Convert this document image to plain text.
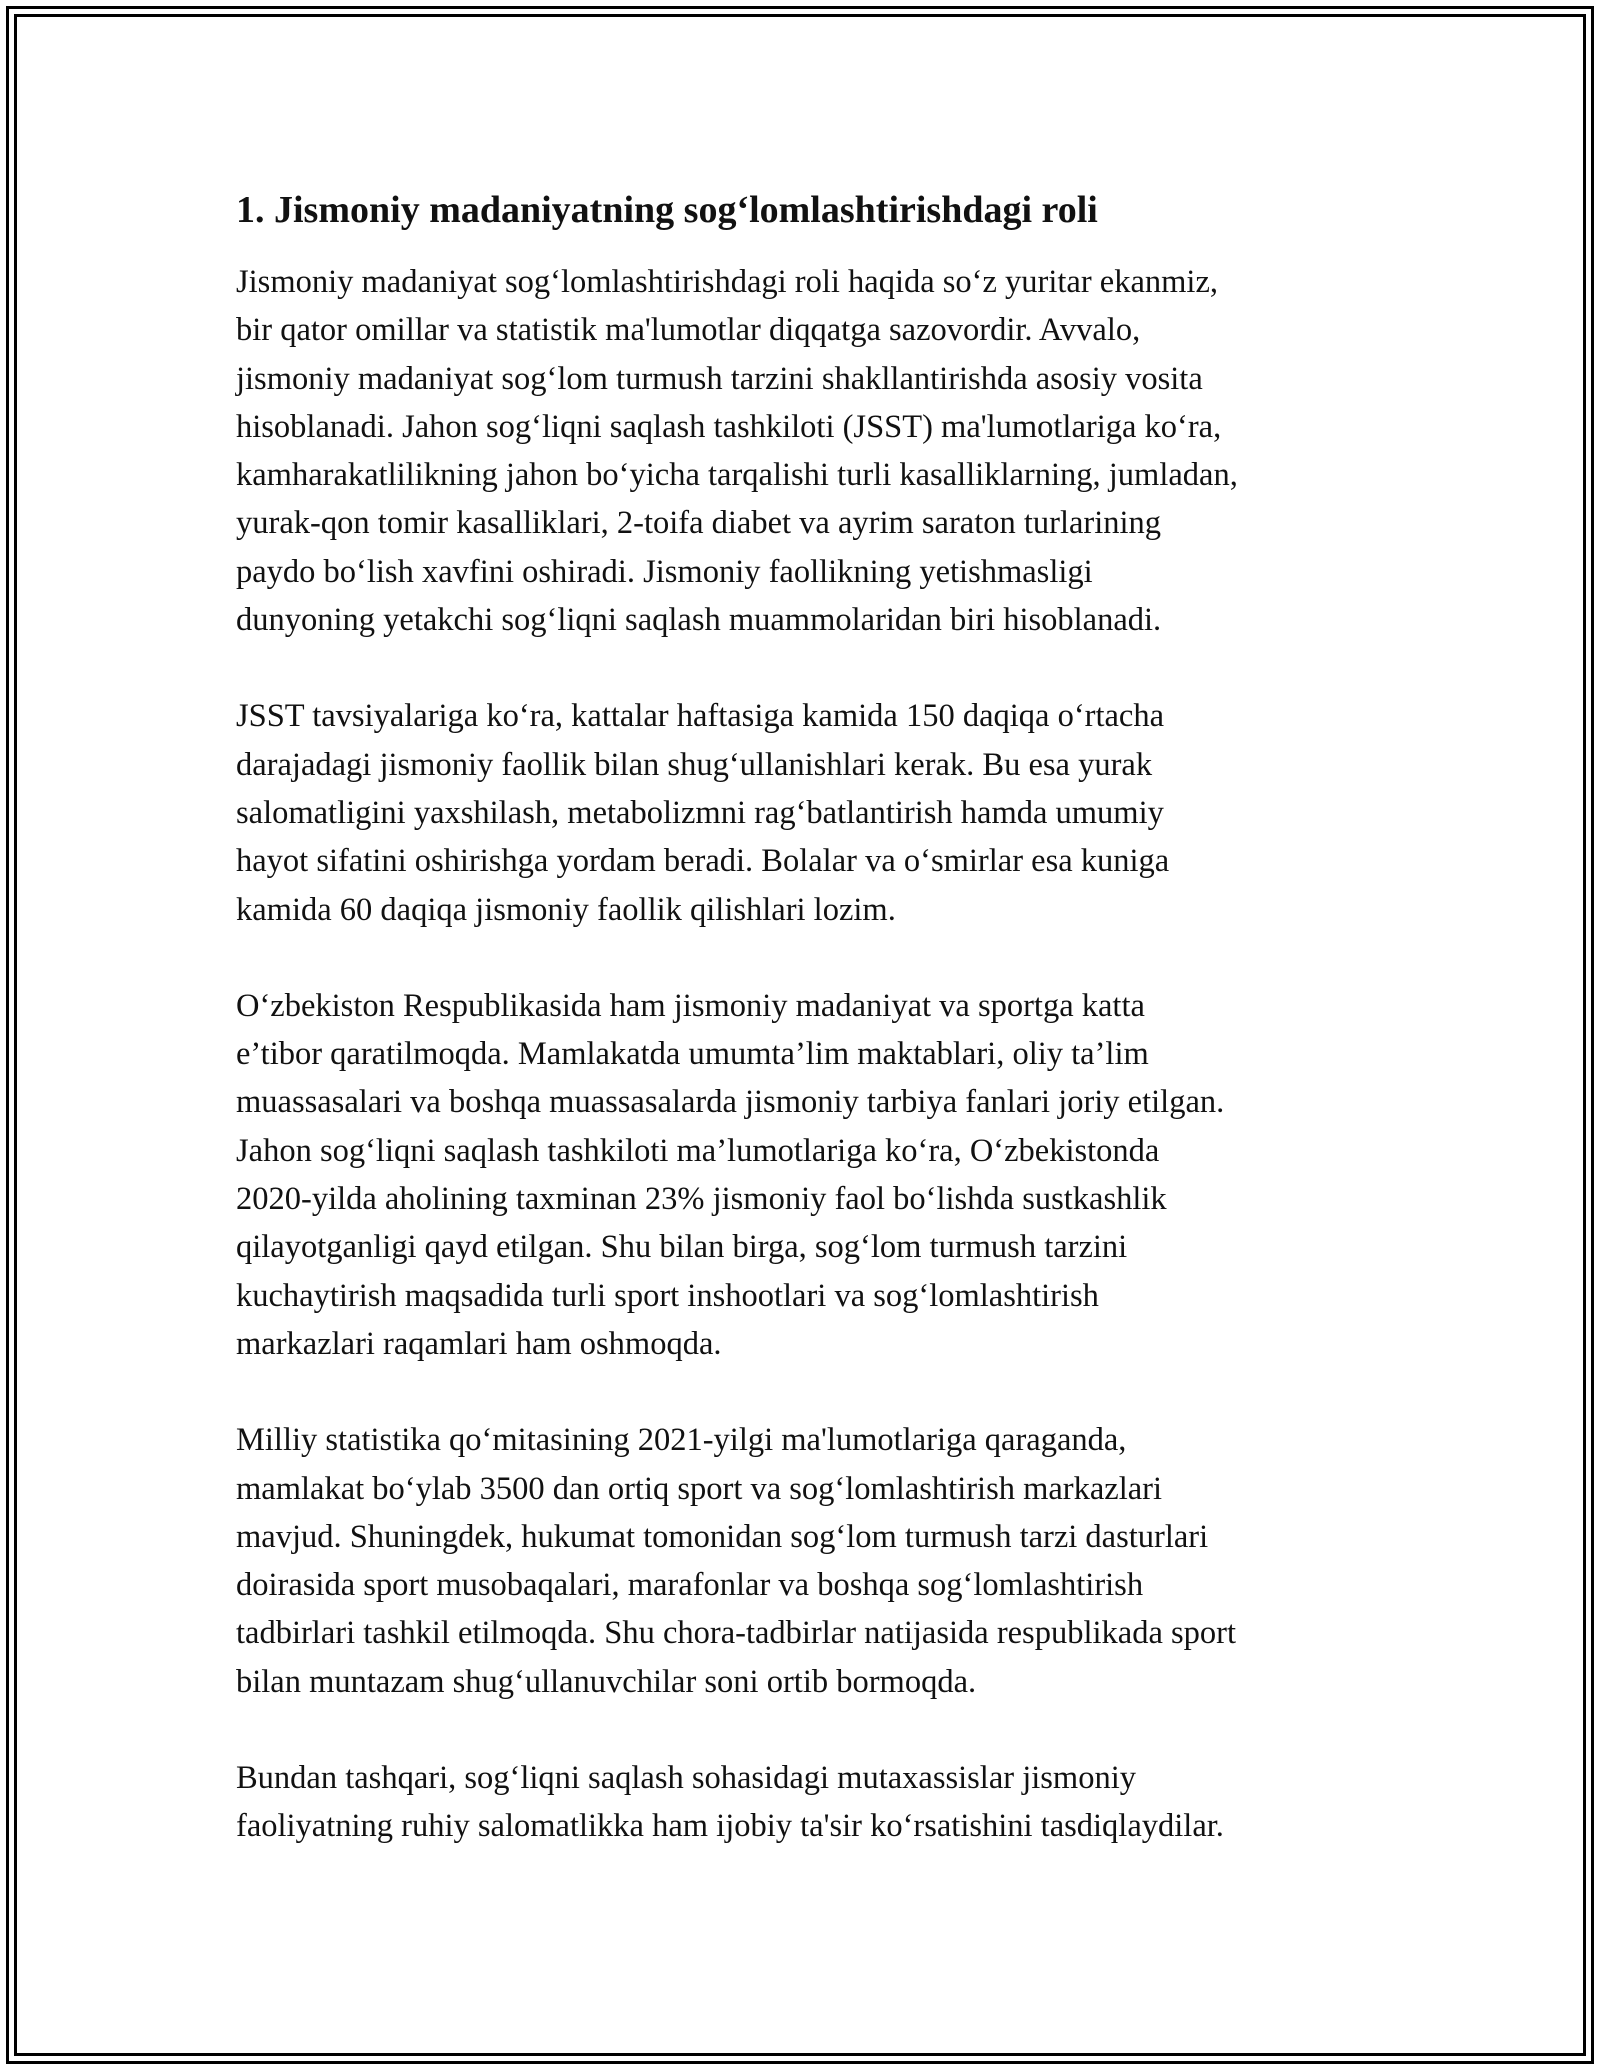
1. Jismoniy madaniyatning sog‘lomlashtirishdagi roli

Jismoniy madaniyat sog‘lomlashtirishdagi roli haqida so‘z yuritar ekanmiz,
bir qator omillar va statistik ma'lumotlar diqqatga sazovordir. Avvalo,
jismoniy madaniyat sog‘lom turmush tarzini shakllantirishda asosiy vosita
hisoblanadi. Jahon sog‘liqni saqlash tashkiloti (JSST) ma'lumotlariga ko‘ra,
kamharakatlilikning jahon bo‘yicha tarqalishi turli kasalliklarning, jumladan,
yurak-qon tomir kasalliklari, 2-toifa diabet va ayrim saraton turlarining
paydo bo‘lish xavfini oshiradi. Jismoniy faollikning yetishmasligi
dunyoning yetakchi sog‘liqni saqlash muammolaridan biri hisoblanadi.

JSST tavsiyalariga ko‘ra, kattalar haftasiga kamida 150 daqiqa o‘rtacha
darajadagi jismoniy faollik bilan shug‘ullanishlari kerak. Bu esa yurak
salomatligini yaxshilash, metabolizmni rag‘batlantirish hamda umumiy
hayot sifatini oshirishga yordam beradi. Bolalar va o‘smirlar esa kuniga
kamida 60 daqiqa jismoniy faollik qilishlari lozim.

O‘zbekiston Respublikasida ham jismoniy madaniyat va sportga katta
e’tibor qaratilmoqda. Mamlakatda umumta’lim maktablari, oliy ta’lim
muassasalari va boshqa muassasalarda jismoniy tarbiya fanlari joriy etilgan.
Jahon sog‘liqni saqlash tashkiloti ma’lumotlariga ko‘ra, O‘zbekistonda
2020-yilda aholining taxminan 23% jismoniy faol bo‘lishda sustkashlik
qilayotganligi qayd etilgan. Shu bilan birga, sog‘lom turmush tarzini
kuchaytirish maqsadida turli sport inshootlari va sog‘lomlashtirish
markazlari raqamlari ham oshmoqda.

Milliy statistika qo‘mitasining 2021-yilgi ma'lumotlariga qaraganda,
mamlakat bo‘ylab 3500 dan ortiq sport va sog‘lomlashtirish markazlari
mavjud. Shuningdek, hukumat tomonidan sog‘lom turmush tarzi dasturlari
doirasida sport musobaqalari, marafonlar va boshqa sog‘lomlashtirish
tadbirlari tashkil etilmoqda. Shu chora-tadbirlar natijasida respublikada sport
bilan muntazam shug‘ullanuvchilar soni ortib bormoqda.

Bundan tashqari, sog‘liqni saqlash sohasidagi mutaxassislar jismoniy
faoliyatning ruhiy salomatlikka ham ijobiy ta'sir ko‘rsatishini tasdiqlaydilar.
